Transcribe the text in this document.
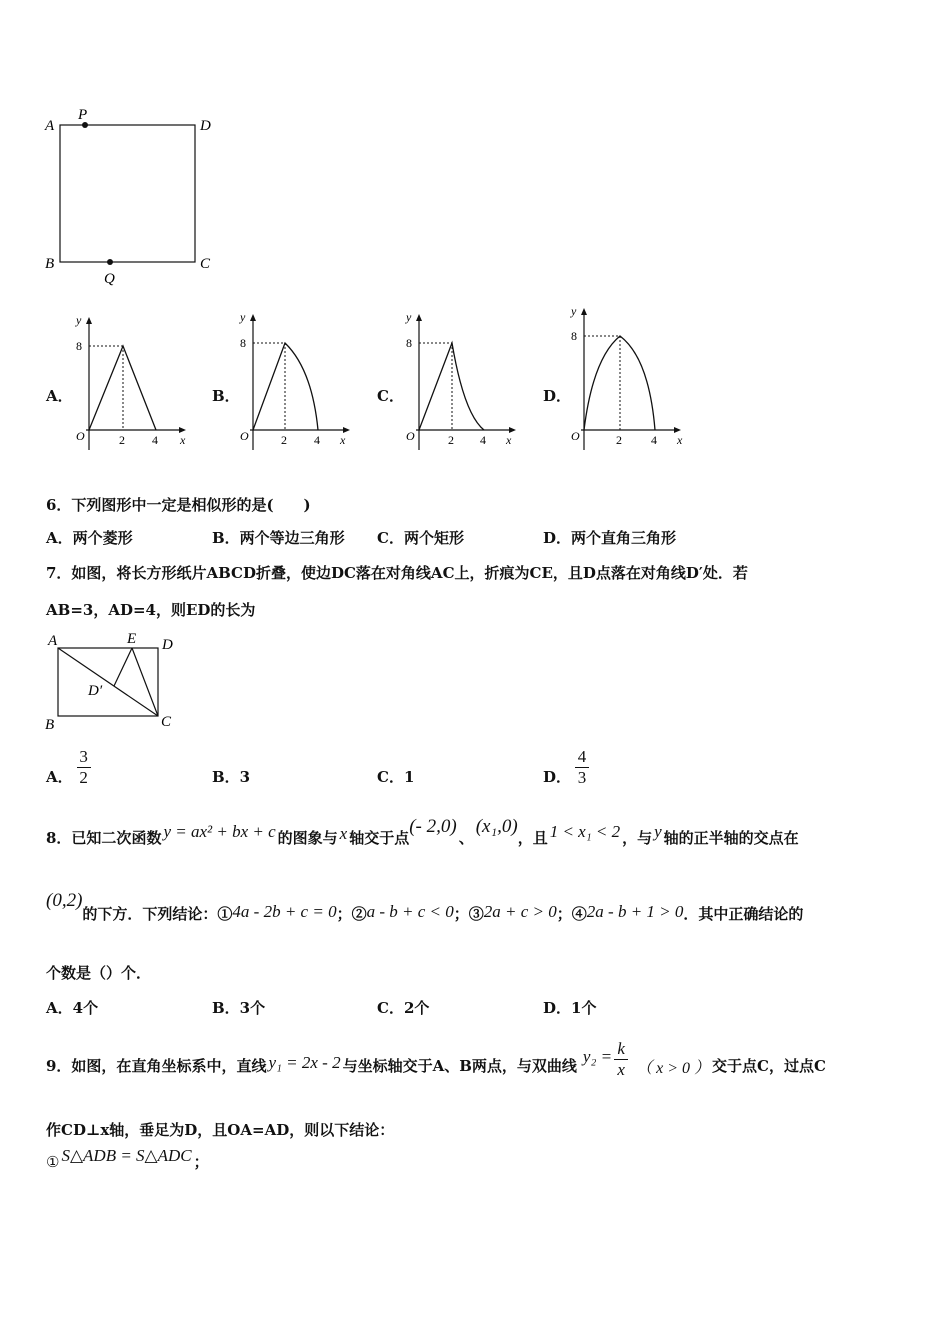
A
P
D
B
Q
C
A．	B．	C．	D．
y
8
O	2 4 x
y
8
O	2 4 x
y
8
O	2 4 x
y
8
O	2 4 x
6．下列图形中一定是相似形的是(　　)
A．两个菱形	B．两个等边三角形 C．两个矩形	D．两个直角三角形
7．如图，将长方形纸片ABCD折叠，使边DC落在对角线AC上，折痕为CE，且D点落在对角线D′处．若
AB=3，AD=4，则ED的长为
A	E D
D′
B	C
A． $\frac{3}{2}$	B．3	C．1	D． $\frac{4}{3}$
8．已知二次函数 y = ax² + bx + c 的图象与 x 轴交于点
(- 2,0)
、
(x₁,0)
，且 1 < x₁ < 2 ，与 y 轴的正半轴的交点在
(0,2)
的下方．下列结论：① 4a - 2b + c = 0 ；② a - b + c < 0 ；③ 2a + c > 0 ；④ 2a - b + 1 > 0 ．其中正确结论的
个数是（）个．
A．4个	B．3个	C．2个	D．1个
9．如图，在直角坐标系中，直线 y₁ = 2x - 2 与坐标轴交于A、B两点，与双曲线 $y_2 = \frac{k}{x}$ （ x > 0 ） 交于点C，过点C
作CD⊥x轴，垂足为D，且OA=AD，则以下结论：
① S△ADB = S△ADC ；
